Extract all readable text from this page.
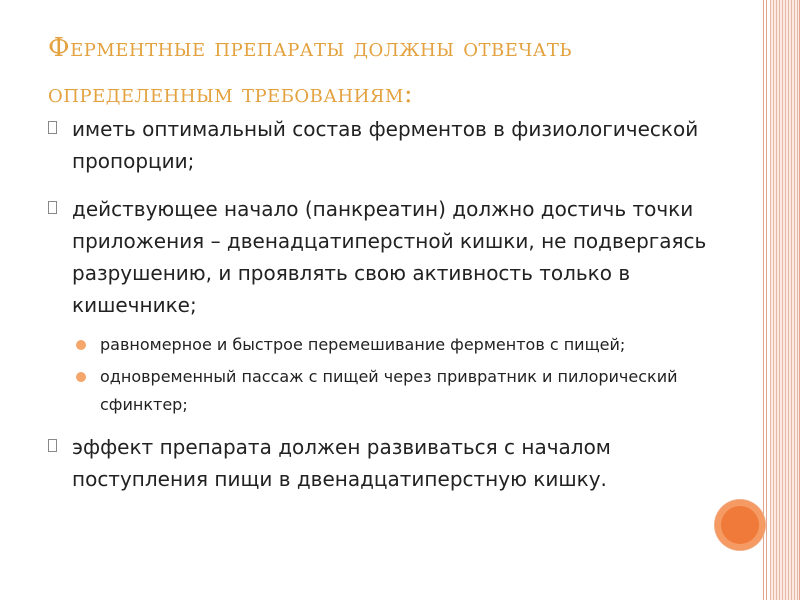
Ферментные препараты должны отвечать определенным требованиям:
иметь оптимальный состав ферментов в физиологической пропорции;
действующее начало (панкреатин) должно достичь точки приложения – двенадцатиперстной кишки, не подвергаясь разрушению, и проявлять свою активность только в кишечнике;
равномерное и быстрое перемешивание ферментов с пищей;
одновременный пассаж с пищей через привратник и пилорический сфинктер;
эффект препарата должен развиваться с началом поступления пищи в двенадцатиперстную кишку.
